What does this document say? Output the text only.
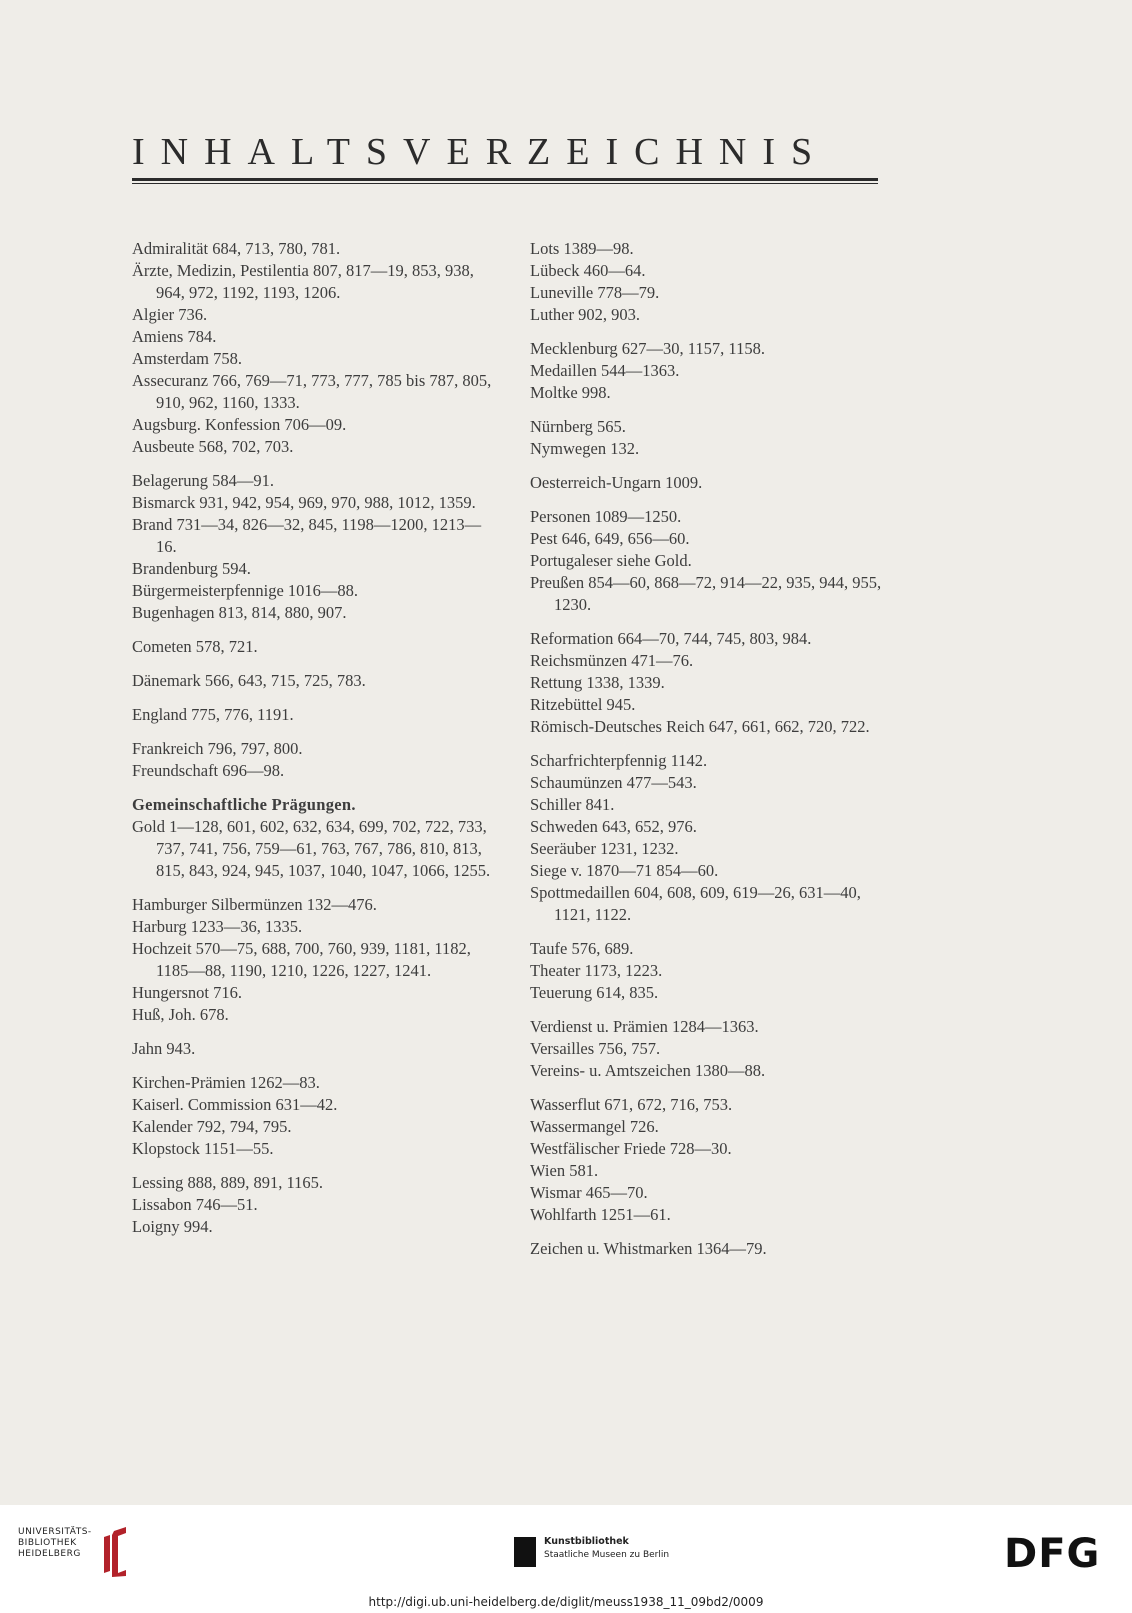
INHALTSVERZEICHNIS

Admiralität 684, 713, 780, 781.

Ärzte, Medizin, Pestilentia 807, 817—19, 853, 938, 964, 972, 1192, 1193, 1206.

Algier 736.

Amiens 784.

Amsterdam 758.

Assecuranz 766, 769—71, 773, 777, 785 bis 787, 805, 910, 962, 1160, 1333.

Augsburg. Konfession 706—09.

Ausbeute 568, 702, 703.

Belagerung 584—91.

Bismarck 931, 942, 954, 969, 970, 988, 1012, 1359.

Brand 731—34, 826—32, 845, 1198—1200, 1213—16.

Brandenburg 594.

Bürgermeisterpfennige 1016—88.

Bugenhagen 813, 814, 880, 907.

Cometen 578, 721.

Dänemark 566, 643, 715, 725, 783.

England 775, 776, 1191.

Frankreich 796, 797, 800.

Freundschaft 696—98.

Gemeinschaftliche Prägungen.

Gold 1—128, 601, 602, 632, 634, 699, 702, 722, 733, 737, 741, 756, 759—61, 763, 767, 786, 810, 813, 815, 843, 924, 945, 1037, 1040, 1047, 1066, 1255.

Hamburger Silbermünzen 132—476.

Harburg 1233—36, 1335.

Hochzeit 570—75, 688, 700, 760, 939, 1181, 1182, 1185—88, 1190, 1210, 1226, 1227, 1241.

Hungersnot 716.

Huß, Joh. 678.

Jahn 943.

Kirchen-Prämien 1262—83.

Kaiserl. Commission 631—42.

Kalender 792, 794, 795.

Klopstock 1151—55.

Lessing 888, 889, 891, 1165.

Lissabon 746—51.

Loigny 994.

Lots 1389—98.

Lübeck 460—64.

Luneville 778—79.

Luther 902, 903.

Mecklenburg 627—30, 1157, 1158.

Medaillen 544—1363.

Moltke 998.

Nürnberg 565.

Nymwegen 132.

Oesterreich-Ungarn 1009.

Personen 1089—1250.

Pest 646, 649, 656—60.

Portugaleser siehe Gold.

Preußen 854—60, 868—72, 914—22, 935, 944, 955, 1230.

Reformation 664—70, 744, 745, 803, 984.

Reichsmünzen 471—76.

Rettung 1338, 1339.

Ritzebüttel 945.

Römisch-Deutsches Reich 647, 661, 662, 720, 722.

Scharfrichterpfennig 1142.

Schaumünzen 477—543.

Schiller 841.

Schweden 643, 652, 976.

Seeräuber 1231, 1232.

Siege v. 1870—71 854—60.

Spottmedaillen 604, 608, 609, 619—26, 631—40, 1121, 1122.

Taufe 576, 689.

Theater 1173, 1223.

Teuerung 614, 835.

Verdienst u. Prämien 1284—1363.

Versailles 756, 757.

Vereins- u. Amtszeichen 1380—88.

Wasserflut 671, 672, 716, 753.

Wassermangel 726.

Westfälischer Friede 728—30.

Wien 581.

Wismar 465—70.

Wohlfarth 1251—61.

Zeichen u. Whistmarken 1364—79.

UNIVERSITÄTS-
BIBLIOTHEK
HEIDELBERG
Kunstbibliothek
Staatliche Museen zu Berlin	DFG
http://digi.ub.uni-heidelberg.de/diglit/meuss1938_11_09bd2/0009
